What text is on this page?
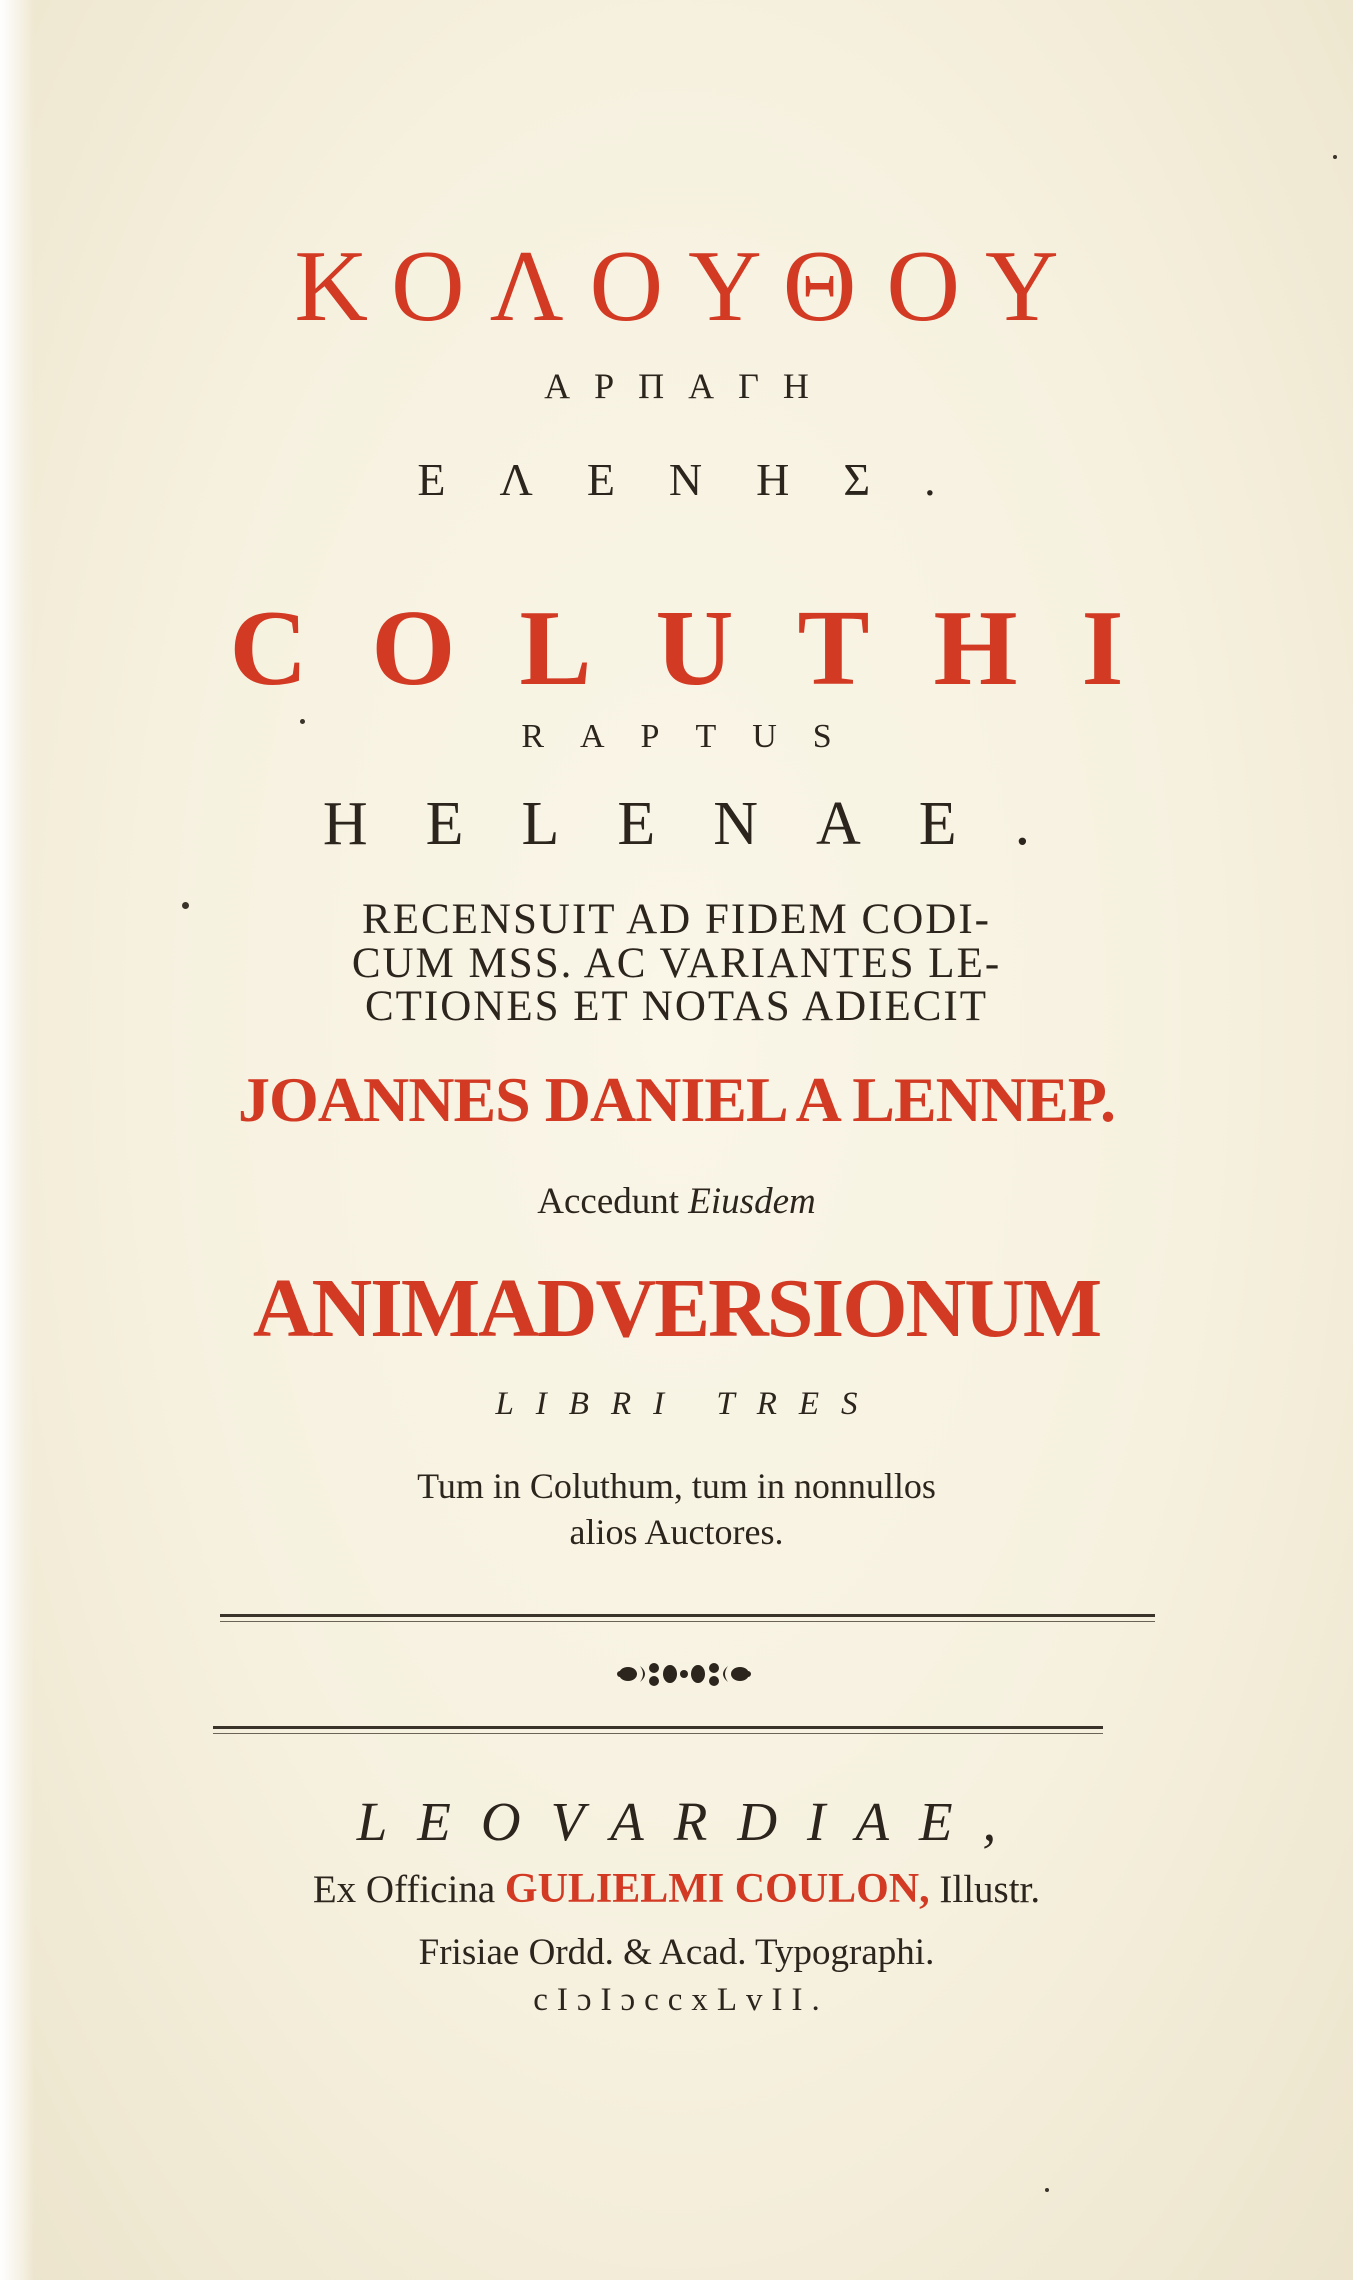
ΚΟΛΟΥΘΟΥ
ΑΡΠΑΓΗ
ΕΛΕΝΗΣ.
COLUTHI
RAPTUS
HELENAE.
RECENSUIT AD FIDEM CODI-
CUM MSS. AC VARIANTES LE-
CTIONES ET NOTAS ADIECIT
JOANNES DANIEL A LENNEP.
Accedunt Eiusdem
ANIMADVERSIONUM
LIBRI TRES
Tum in Coluthum, tum in nonnullos
alios Auctores.
LEOVARDIAE,
Ex Officina GULIELMI COULON, Illustr.
Frisiae Ordd. & Acad. Typographi.
cIɔIɔccxLvII.
